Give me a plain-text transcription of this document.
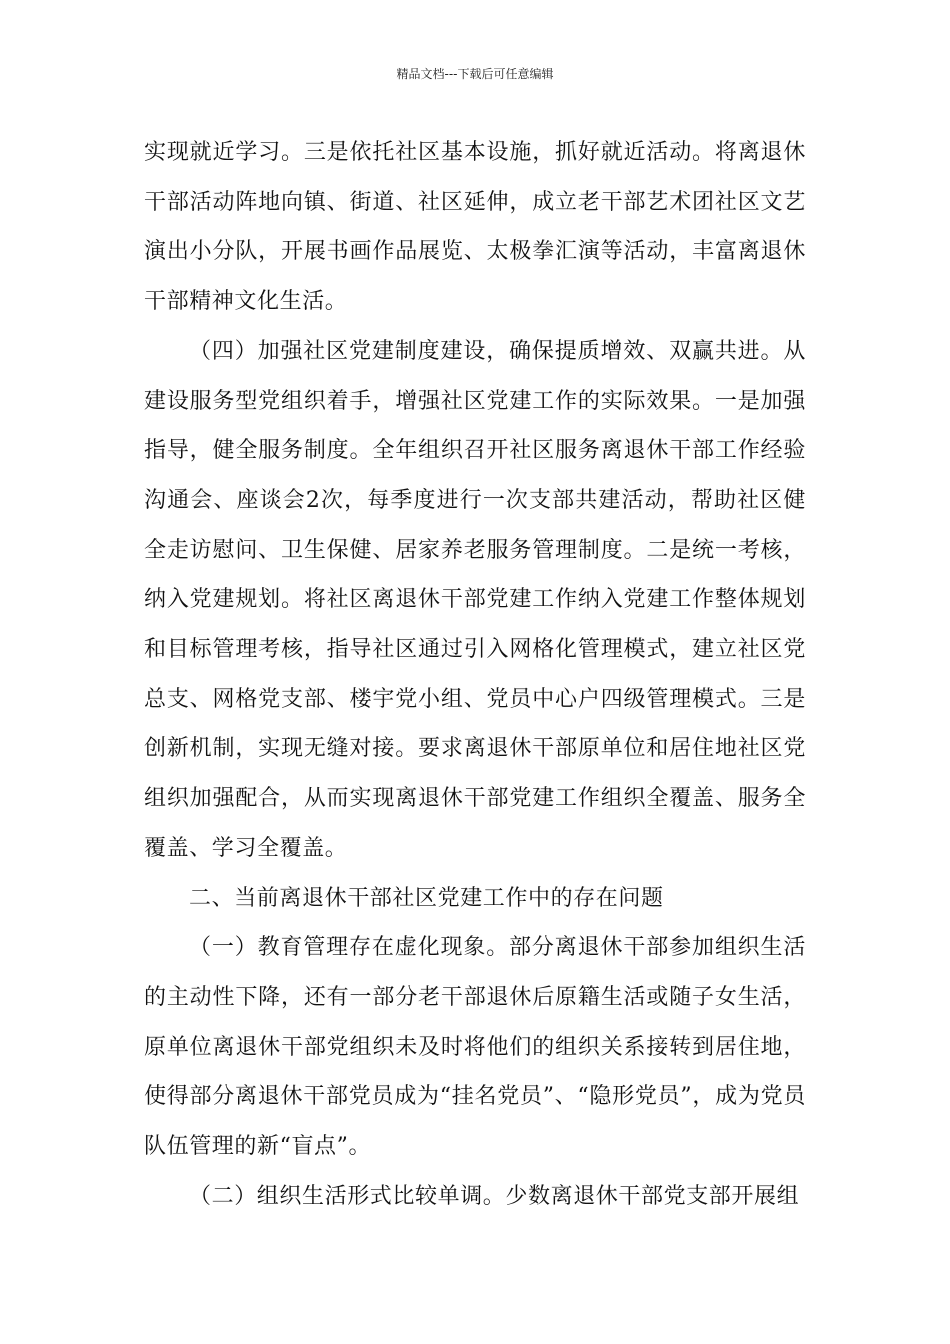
精品文档---下载后可任意编辑

实现就近学习。三是依托社区基本设施，抓好就近活动。将离退休干部活动阵地向镇、街道、社区延伸，成立老干部艺术团社区文艺演出小分队，开展书画作品展览、太极拳汇演等活动，丰富离退休干部精神文化生活。

（四）加强社区党建制度建设，确保提质增效、双赢共进。从建设服务型党组织着手，增强社区党建工作的实际效果。一是加强指导，健全服务制度。全年组织召开社区服务离退休干部工作经验沟通会、座谈会2次，每季度进行一次支部共建活动，帮助社区健全走访慰问、卫生保健、居家养老服务管理制度。二是统一考核，纳入党建规划。将社区离退休干部党建工作纳入党建工作整体规划和目标管理考核，指导社区通过引入网格化管理模式，建立社区党总支、网格党支部、楼宇党小组、党员中心户四级管理模式。三是创新机制，实现无缝对接。要求离退休干部原单位和居住地社区党组织加强配合，从而实现离退休干部党建工作组织全覆盖、服务全覆盖、学习全覆盖。

二、当前离退休干部社区党建工作中的存在问题

（一）教育管理存在虚化现象。部分离退休干部参加组织生活的主动性下降，还有一部分老干部退休后原籍生活或随子女生活，原单位离退休干部党组织未及时将他们的组织关系接转到居住地，使得部分离退休干部党员成为“挂名党员”、“隐形党员”，成为党员队伍管理的新“盲点”。

（二）组织生活形式比较单调。少数离退休干部党支部开展组
